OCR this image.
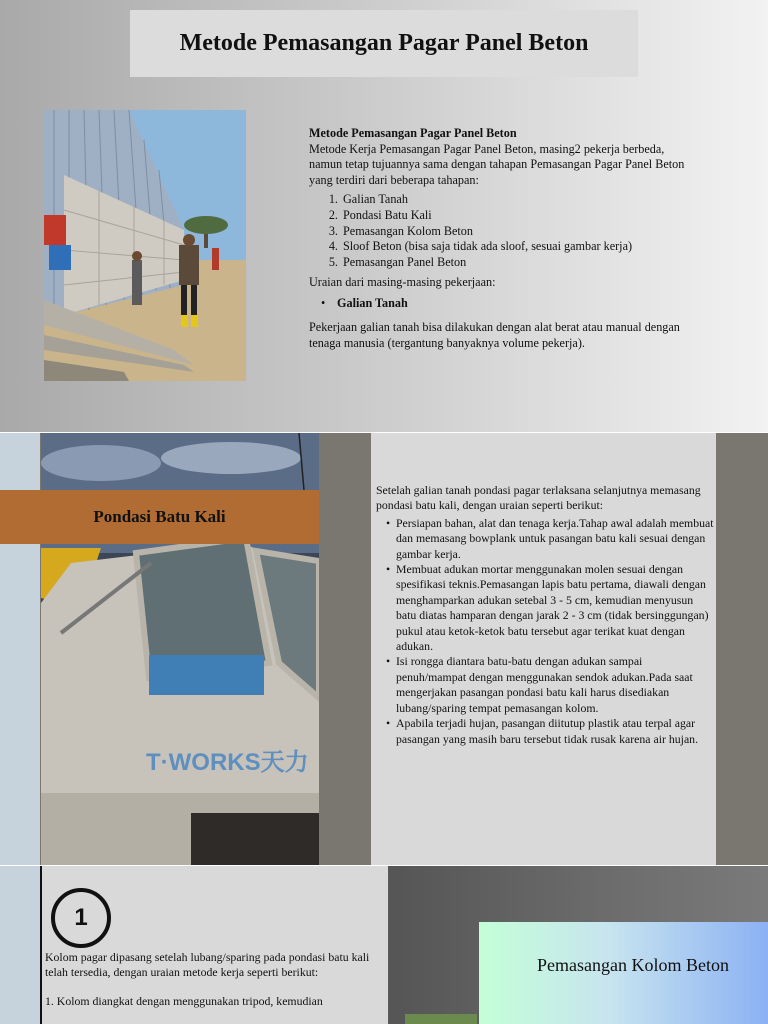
Metode Pemasangan Pagar Panel Beton

Metode Pemasangan Pagar Panel Beton

Metode Kerja Pemasangan Pagar Panel Beton, masing2 pekerja berbeda, namun tetap tujuannya sama dengan tahapan Pemasangan Pagar Panel Beton yang terdiri dari beberapa tahapan:

1. Galian Tanah
2. Pondasi Batu Kali
3. Pemasangan Kolom Beton
4. Sloof Beton (bisa saja tidak ada sloof, sesuai gambar kerja)
5. Pemasangan Panel Beton

Uraian dari masing-masing pekerjaan:

• Galian Tanah

Pekerjaan galian tanah bisa dilakukan dengan alat berat atau manual dengan tenaga manusia (tergantung banyaknya volume pekerja).

T·WORKS天力
Pondasi Batu Kali

Setelah galian tanah pondasi pagar terlaksana selanjutnya memasang pondasi batu kali, dengan uraian seperti berikut:

• Persiapan bahan, alat dan tenaga kerja.Tahap awal adalah membuat dan memasang bowplank untuk pasangan batu kali sesuai dengan gambar kerja.
• Membuat adukan mortar menggunakan molen sesuai dengan spesifikasi teknis.Pemasangan lapis batu pertama, diawali dengan menghamparkan adukan setebal 3 - 5 cm, kemudian menyusun batu diatas hamparan dengan jarak 2 - 3 cm (tidak bersinggungan) pukul atau ketok-ketok batu tersebut agar terikat kuat dengan adukan.
• Isi rongga diantara batu-batu dengan adukan sampai penuh/mampat dengan menggunakan sendok adukan.Pada saat mengerjakan pasangan pondasi batu kali harus disediakan lubang/sparing tempat pemasangan kolom.
• Apabila terjadi hujan, pasangan diitutup plastik atau terpal agar pasangan yang masih baru tersebut tidak rusak karena air hujan.
1

Kolom pagar dipasang setelah lubang/sparing pada pondasi batu kali telah tersedia, dengan uraian metode kerja seperti berikut:

1. Kolom diangkat dengan menggunakan tripod, kemudian

Pemasangan Kolom Beton
